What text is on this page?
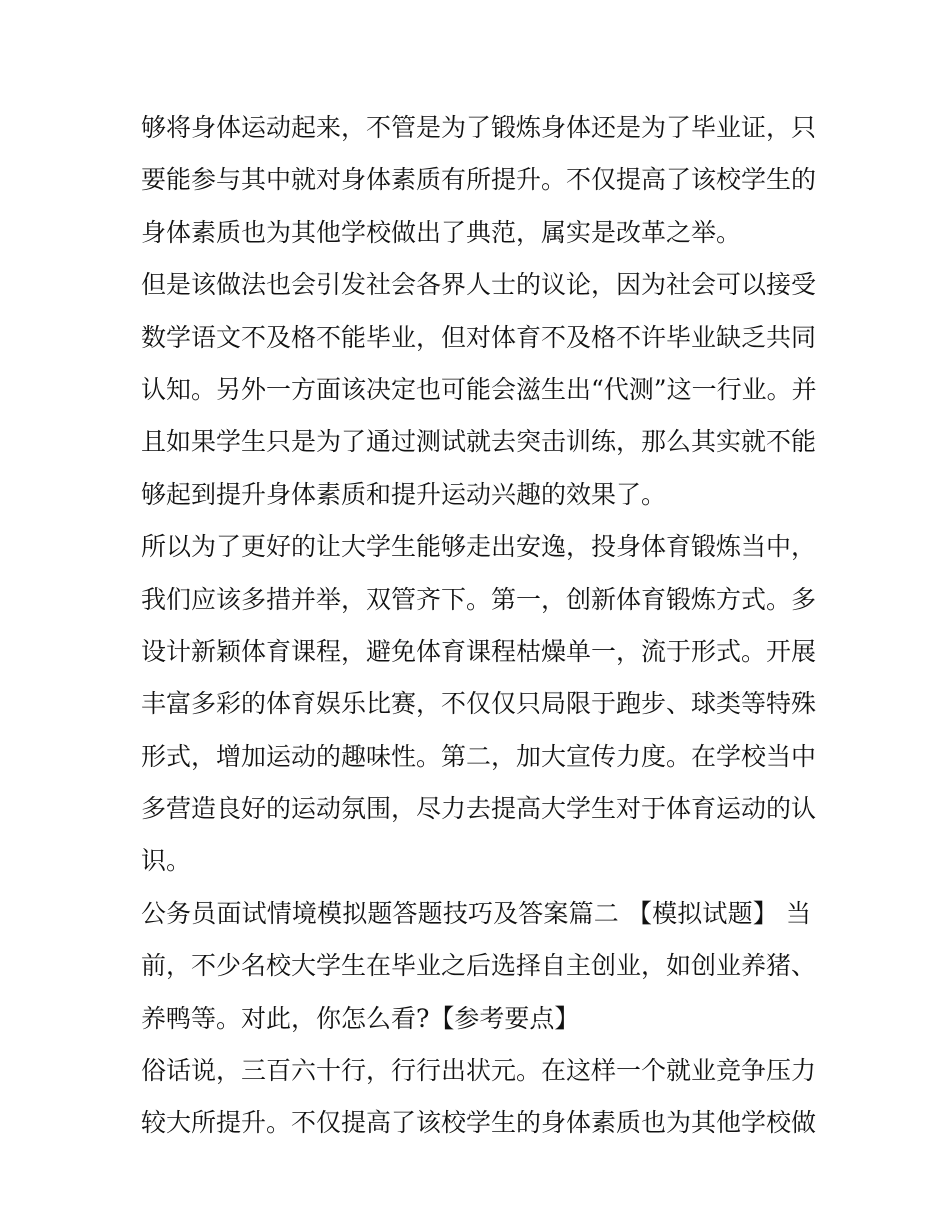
够将身体运动起来，不管是为了锻炼身体还是为了毕业证，只
要能参与其中就对身体素质有所提升。不仅提高了该校学生的
身体素质也为其他学校做出了典范，属实是改革之举。
但是该做法也会引发社会各界人士的议论，因为社会可以接受
数学语文不及格不能毕业，但对体育不及格不许毕业缺乏共同
认知。另外一方面该决定也可能会滋生出“代测”这一行业。并
且如果学生只是为了通过测试就去突击训练，那么其实就不能
够起到提升身体素质和提升运动兴趣的效果了。
所以为了更好的让大学生能够走出安逸，投身体育锻炼当中，
我们应该多措并举，双管齐下。第一，创新体育锻炼方式。多
设计新颖体育课程，避免体育课程枯燥单一，流于形式。开展
丰富多彩的体育娱乐比赛，不仅仅只局限于跑步、球类等特殊
形式，增加运动的趣味性。第二，加大宣传力度。在学校当中
多营造良好的运动氛围，尽力去提高大学生对于体育运动的认
识。
公务员面试情境模拟题答题技巧及答案篇二 【模拟试题】 当
前，不少名校大学生在毕业之后选择自主创业，如创业养猪、
养鸭等。对此，你怎么看?【参考要点】
俗话说，三百六十行，行行出状元。在这样一个就业竞争压力
较大所提升。不仅提高了该校学生的身体素质也为其他学校做
